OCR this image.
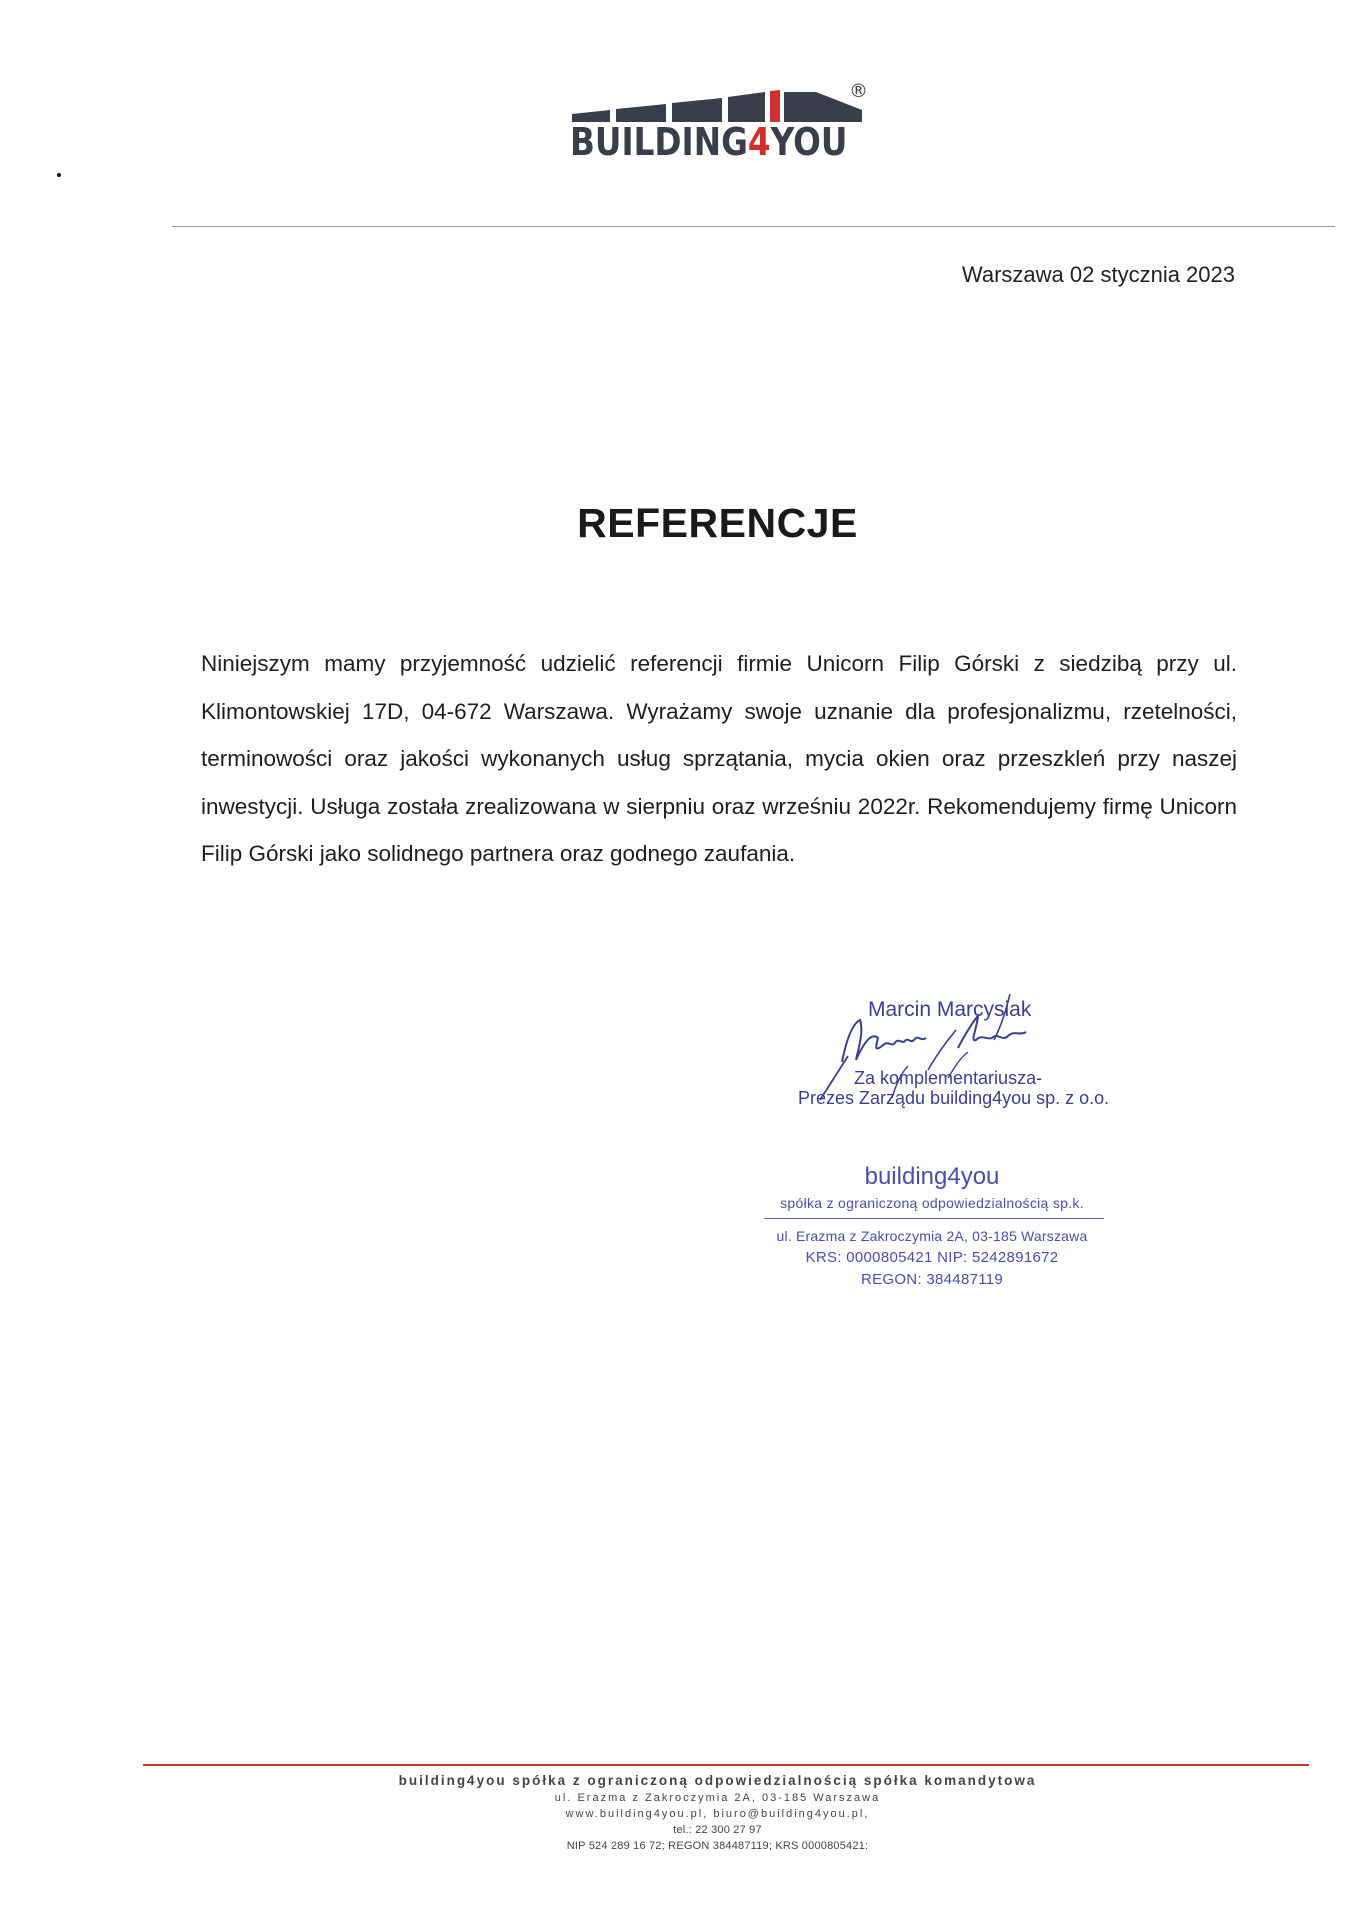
BUILDING4YOU
®
Warszawa 02 stycznia 2023
REFERENCJE
Niniejszym mamy przyjemność udzielić referencji firmie Unicorn Filip Górski z siedzibą przy ul. Klimontowskiej 17D, 04-672 Warszawa. Wyrażamy swoje uznanie dla profesjonalizmu, rzetelności, terminowości oraz jakości wykonanych usług sprzątania, mycia okien oraz przeszkleń przy naszej inwestycji. Usługa została zrealizowana w sierpniu oraz wrześniu 2022r. Rekomendujemy firmę Unicorn Filip Górski jako solidnego partnera oraz godnego zaufania.
Marcin Marcysiak
Za komplementariusza-
Prezes Zarządu building4you sp. z o.o.
building4you
spółka z ograniczoną odpowiedzialnością sp.k.
ul. Erazma z Zakroczymia 2A, 03-185 Warszawa
KRS: 0000805421 NIP: 5242891672
REGON: 384487119
building4you spółka z ograniczoną odpowiedzialnością spółka komandytowa
ul. Erazma z Zakroczymia 2A, 03-185 Warszawa
www.building4you.pl, biuro@building4you.pl,
tel.: 22 300 27 97
NIP 524 289 16 72; REGON 384487119; KRS 0000805421:
